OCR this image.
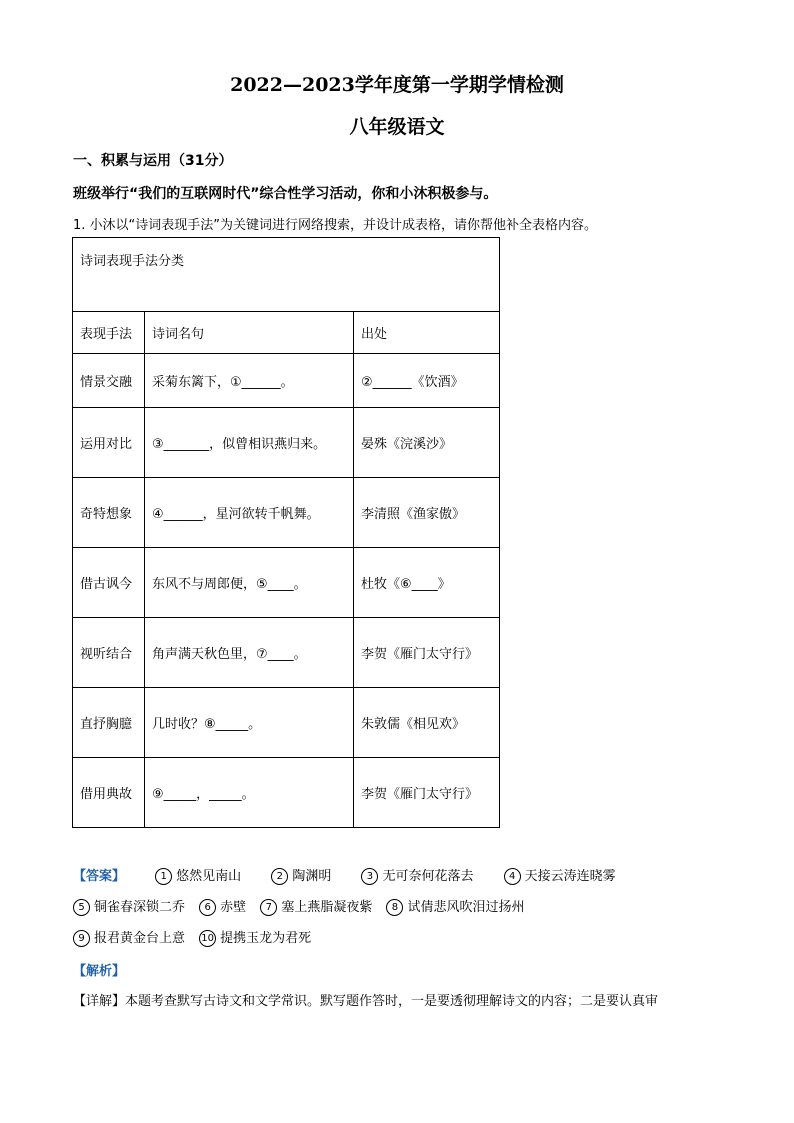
2022—2023学年度第一学期学情检测
八年级语文
一、积累与运用（31分）
班级举行“我们的互联网时代”综合性学习活动，你和小沐积极参与。
1. 小沐以“诗词表现手法”为关键词进行网络搜索，并设计成表格，请你帮他补全表格内容。
诗词表现手法分类		
表现手法	诗词名句	出处
情景交融	采菊东篱下，①______。	②______《饮酒》
运用对比	③_______，似曾相识燕归来。	晏殊《浣溪沙》
奇特想象	④______，星河欲转千帆舞。	李清照《渔家傲》
借古讽今	东风不与周郎便，⑤____。	杜牧《⑥____》
视听结合	角声满天秋色里，⑦____。	李贺《雁门太守行》
直抒胸臆	几时收？⑧_____。	朱敦儒《相见欢》
借用典故	⑨_____，_____。	李贺《雁门太守行》
【答案】	1 悠然见南山	2 陶渊明	3 无可奈何花落去	4 天接云涛连晓雾
5 铜雀春深锁二乔 6 赤壁 7 塞上燕脂凝夜紫 8 试倩悲风吹泪过扬州
9 报君黄金台上意 10 提携玉龙为君死
【解析】
【详解】本题考查默写古诗文和文学常识。默写题作答时，一是要透彻理解诗文的内容；二是要认真审
